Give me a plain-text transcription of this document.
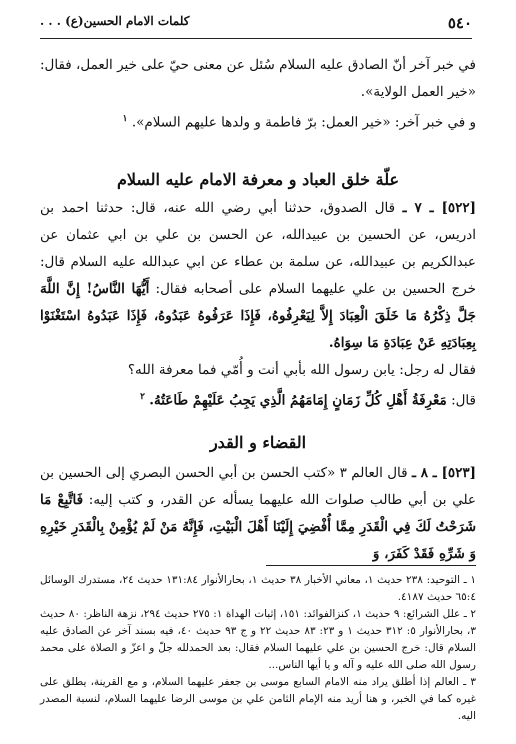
٥٤٠
كلمات الامام الحسين(ع) . . .

في خبر آخر أنّ الصادق عليه السلام سُئل عن معنى حيّ على خير العمل، فقال: «خير العمل الولاية».

و في خبر آخر: «خير العمل: برّ فاطمة و ولدها عليهم السلام». $^١$

علّة خلق العباد و معرفة الامام عليه السلام

[٥٢٢] ـ ٧ ـ قال الصدوق، حدثنا أبي رضي الله عنه، قال: حدثنا احمد بن ادريس، عن الحسين بن عبيدالله، عن الحسن بن علي بن ابي عثمان عن عبدالكريم بن عبيدالله، عن سلمة بن عطاء عن ابي عبدالله عليه السلام قال: خرج الحسين بن علي عليهما السلام على أصحابه فقال: أَيُّهَا النَّاسُ! إِنَّ اللَّهَ جَلَّ ذِكْرُهُ مَا خَلَقَ الْعِبَادَ إِلاَّ لِيَعْرِفُوهُ، فَإِذَا عَرَفُوهُ عَبَدُوهُ، فَإِذَا عَبَدُوهُ اسْتَغْنَوْا بِعِبَادَتِهِ عَنْ عِبَادَةِ مَا سِوَاهُ.

فقال له رجل: يابن رسول الله بأبي أنت و أُمّي فما معرفة الله؟

قال: مَعْرِفَةُ أَهْلِ كُلِّ زَمَانٍ إِمَامَهُمُ الَّذِي يَجِبُ عَلَيْهِمْ طَاعَتُهُ. $^٢$

القضاء و القدر

[٥٢٣] ـ ٨ ـ قال العالم ٣ «كتب الحسن بن أبي الحسن البصري إلى الحسين بن علي بن أبي طالب صلوات الله عليهما يسأله عن القدر، و كتب إليه: فَاتَّبِعْ مَا شَرَحْتُ لَكَ فِي الْقَدَرِ مِمَّا أُفْضِيَ إِلَيْنَا أَهْلَ الْبَيْتِ، فَإِنَّهُ مَنْ لَمْ يُؤْمِنْ بِالْقَدَرِ خَيْرِهِ وَ شَرِّهِ فَقَدْ كَفَرَ، وَ

١ ـ التوحيد: ٢٣٨ حديث ١، معاني الأخبار ٣٨ حديث ١، بحارالأنوار ١٣١:٨٤ حديث ٢٤، مستدرك الوسائل ٦٥:٤ حديث ٤١٨٧.

٢ ـ علل الشرائع: ٩ حديث ١، كنزالفوائد: ١٥١، إثبات الهداة ١: ٢٧٥ حديث ٢٩٤، نزهة الناظر: ٨٠ حديث ٣، بحارالأنوار ٥: ٣١٢ حديث ١ و ٢٣: ٨٣ حديث ٢٢ و ج ٩٣ حديث ٤٠، فيه بسند آخر عن الصادق عليه السلام قال: خرج الحسين بن علي عليهما السلام فقال: بعد الحمدلله جلّ و اعزّ و الصلاة على محمد رسول الله صلى الله عليه و آله و يا أيها الناس...

٣ ـ العالم إذا أطلق يراد منه الامام السابع موسى بن جعفر عليهما السلام، و مع القرينة، يطلق على غيره كما في الخبر، و هنا أريد منه الإمام الثامن علي بن موسى الرضا عليهما السلام، لنسبة المصدر اليه.
